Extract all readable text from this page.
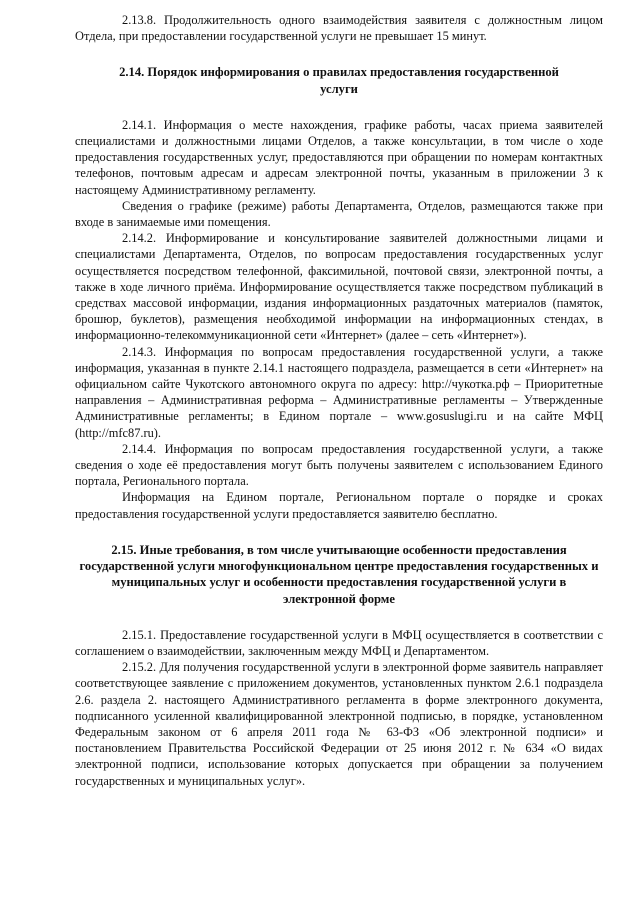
2.13.8. Продолжительность одного взаимодействия заявителя с должностным лицом Отдела, при предоставлении государственной услуги не превышает 15 минут.

2.14. Порядок информирования о правилах предоставления государственной услуги

2.14.1. Информация о месте нахождения, графике работы, часах приема заявителей специалистами и должностными лицами Отделов, а также консультации, в том числе о ходе предоставления государственных услуг, предоставляются при обращении по номерам контактных телефонов, почтовым адресам и адресам электронной почты, указанным в приложении 3 к настоящему Административному регламенту.

Сведения о графике (режиме) работы Департамента, Отделов, размещаются также при входе в занимаемые ими помещения.

2.14.2. Информирование и консультирование заявителей должностными лицами и специалистами Департамента, Отделов, по вопросам предоставления государственных услуг осуществляется посредством телефонной, факсимильной, почтовой связи, электронной почты, а также в ходе личного приёма. Информирование осуществляется также посредством публикаций в средствах массовой информации, издания информационных раздаточных материалов (памяток, брошюр, буклетов), размещения необходимой информации на информационных стендах, в информационно-телекоммуникационной сети «Интернет» (далее – сеть «Интернет»).

2.14.3. Информация по вопросам предоставления государственной услуги, а также информация, указанная в пункте 2.14.1 настоящего подраздела, размещается в сети «Интернет» на официальном сайте Чукотского автономного округа по адресу: http://чукотка.рф – Приоритетные направления – Административная реформа – Административные регламенты – Утвержденные Административные регламенты; в Едином портале – www.gosuslugi.ru и на сайте МФЦ (http://mfc87.ru).

2.14.4. Информация по вопросам предоставления государственной услуги, а также сведения о ходе её предоставления могут быть получены заявителем с использованием Единого портала, Регионального портала.

Информация на Едином портале, Региональном портале о порядке и сроках предоставления государственной услуги предоставляется заявителю бесплатно.

2.15. Иные требования, в том числе учитывающие особенности предоставления государственной услуги многофункциональном центре предоставления государственных и муниципальных услуг и особенности предоставления государственной услуги в электронной форме

2.15.1. Предоставление государственной услуги в МФЦ осуществляется в соответствии с соглашением о взаимодействии, заключенным между МФЦ и Департаментом.

2.15.2. Для получения государственной услуги в электронной форме заявитель направляет соответствующее заявление с приложением документов, установленных пунктом 2.6.1 подраздела 2.6. раздела 2. настоящего Административного регламента в форме электронного документа, подписанного усиленной квалифицированной электронной подписью, в порядке, установленном Федеральным законом от 6 апреля 2011 года № 63-ФЗ «Об электронной подписи» и постановлением Правительства Российской Федерации от 25 июня 2012 г. № 634 «О видах электронной подписи, использование которых допускается при обращении за получением государственных и муниципальных услуг».
